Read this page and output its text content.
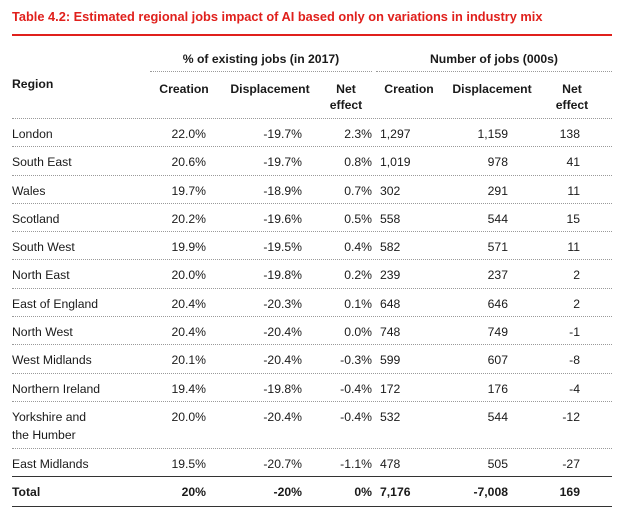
Table 4.2: Estimated regional jobs impact of AI based only on variations in industry mix
Region
% of existing jobs (in 2017)	Number of jobs (000s)
Creation	Displacement	Net
effect
Creation	Displacement	Net
effect
London	22.0%	-19.7%	2.3% 1,297	1,159	138
South East	20.6%	-19.7%	0.8% 1,019	978	41
Wales	19.7%	-18.9%	0.7% 302	291	11
Scotland	20.2%	-19.6%	0.5% 558	544	15
South West	19.9%	-19.5%	0.4% 582	571	11
North East	20.0%	-19.8%	0.2% 239	237	2
East of England	20.4%	-20.3%	0.1% 648	646	2
North West	20.4%	-20.4%	0.0% 748	749	-1
West Midlands	20.1%	-20.4%	-0.3% 599	607	-8
Northern Ireland	19.4%	-19.8%	-0.4% 172	176	-4
Yorkshire and
the Humber
20.0%	-20.4%	-0.4% 532	544	-12
East Midlands	19.5%	-20.7%	-1.1% 478	505	-27
Total	20%	-20%	0% 7,176	-7,008	169
